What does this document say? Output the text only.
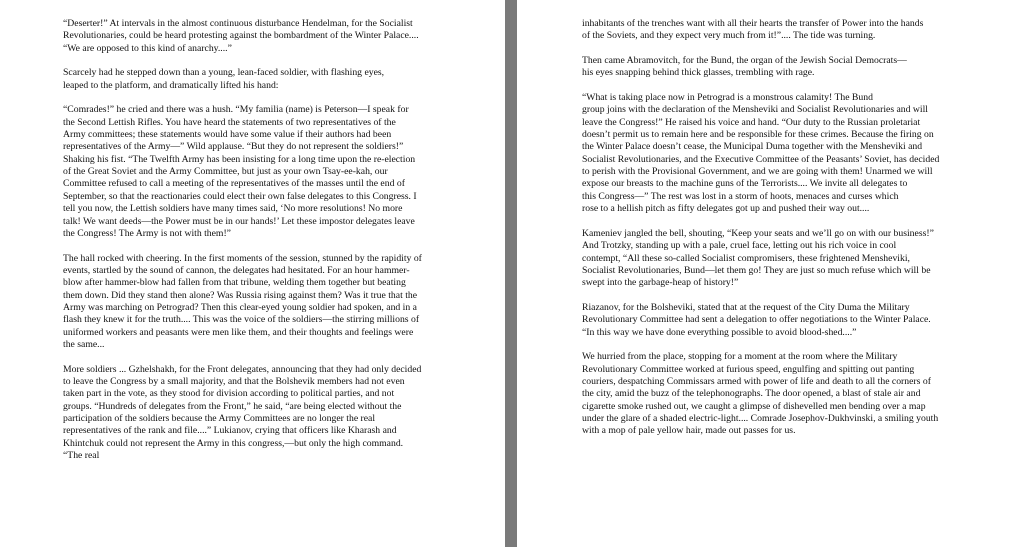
“Deserter!” At intervals in the almost continuous disturbance Hendelman, for the Socialist
Revolutionaries, could be heard protesting against the bombardment of the Winter Palace....
“We are opposed to this kind of anarchy....”

Scarcely had he stepped down than a young, lean-faced soldier, with flashing eyes,
leaped to the platform, and dramatically lifted his hand:

“Comrades!” he cried and there was a hush. “My familia (name) is Peterson—I speak for
the Second Lettish Rifles. You have heard the statements of two representatives of the
Army committees; these statements would have some value if their authors had been
representatives of the Army—” Wild applause. “But they do not represent the soldiers!”
Shaking his fist. “The Twelfth Army has been insisting for a long time upon the re-election
of the Great Soviet and the Army Committee, but just as your own Tsay-ee-kah, our
Committee refused to call a meeting of the representatives of the masses until the end of
September, so that the reactionaries could elect their own false delegates to this Congress. I
tell you now, the Lettish soldiers have many times said, ‘No more resolutions! No more
talk! We want deeds—the Power must be in our hands!’ Let these impostor delegates leave
the Congress! The Army is not with them!”

The hall rocked with cheering. In the first moments of the session, stunned by the rapidity of
events, startled by the sound of cannon, the delegates had hesitated. For an hour hammer-
blow after hammer-blow had fallen from that tribune, welding them together but beating
them down. Did they stand then alone? Was Russia rising against them? Was it true that the
Army was marching on Petrograd? Then this clear-eyed young soldier had spoken, and in a
flash they knew it for the truth.... This was the voice of the soldiers—the stirring millions of
uniformed workers and peasants were men like them, and their thoughts and feelings were
the same...

More soldiers ... Gzhelshakh, for the Front delegates, announcing that they had only decided
to leave the Congress by a small majority, and that the Bolshevik members had not even
taken part in the vote, as they stood for division according to political parties, and not
groups. “Hundreds of delegates from the Front,” he said, “are being elected without the
participation of the soldiers because the Army Committees are no longer the real
representatives of the rank and file....” Lukianov, crying that officers like Kharash and
Khintchuk could not represent the Army in this congress,—but only the high command.
“The real

inhabitants of the trenches want with all their hearts the transfer of Power into the hands
of the Soviets, and they expect very much from it!”.... The tide was turning.

Then came Abramovitch, for the Bund, the organ of the Jewish Social Democrats—
his eyes snapping behind thick glasses, trembling with rage.

“What is taking place now in Petrograd is a monstrous calamity! The Bund
group joins with the declaration of the Mensheviki and Socialist Revolutionaries and will
leave the Congress!” He raised his voice and hand. “Our duty to the Russian proletariat
doesn’t permit us to remain here and be responsible for these crimes. Because the firing on
the Winter Palace doesn’t cease, the Municipal Duma together with the Mensheviki and
Socialist Revolutionaries, and the Executive Committee of the Peasants’ Soviet, has decided
to perish with the Provisional Government, and we are going with them! Unarmed we will
expose our breasts to the machine guns of the Terrorists.... We invite all delegates to
this Congress—” The rest was lost in a storm of hoots, menaces and curses which
rose to a hellish pitch as fifty delegates got up and pushed their way out....

Kameniev jangled the bell, shouting, “Keep your seats and we’ll go on with our business!”
And Trotzky, standing up with a pale, cruel face, letting out his rich voice in cool
contempt, “All these so-called Socialist compromisers, these frightened Mensheviki,
Socialist Revolutionaries, Bund—let them go! They are just so much refuse which will be
swept into the garbage-heap of history!”

Riazanov, for the Bolsheviki, stated that at the request of the City Duma the Military
Revolutionary Committee had sent a delegation to offer negotiations to the Winter Palace.
“In this way we have done everything possible to avoid blood-shed....”

We hurried from the place, stopping for a moment at the room where the Military
Revolutionary Committee worked at furious speed, engulfing and spitting out panting
couriers, despatching Commissars armed with power of life and death to all the corners of
the city, amid the buzz of the telephonographs. The door opened, a blast of stale air and
cigarette smoke rushed out, we caught a glimpse of dishevelled men bending over a map
under the glare of a shaded electric-light.... Comrade Josephov-Dukhvinski, a smiling youth
with a mop of pale yellow hair, made out passes for us.
